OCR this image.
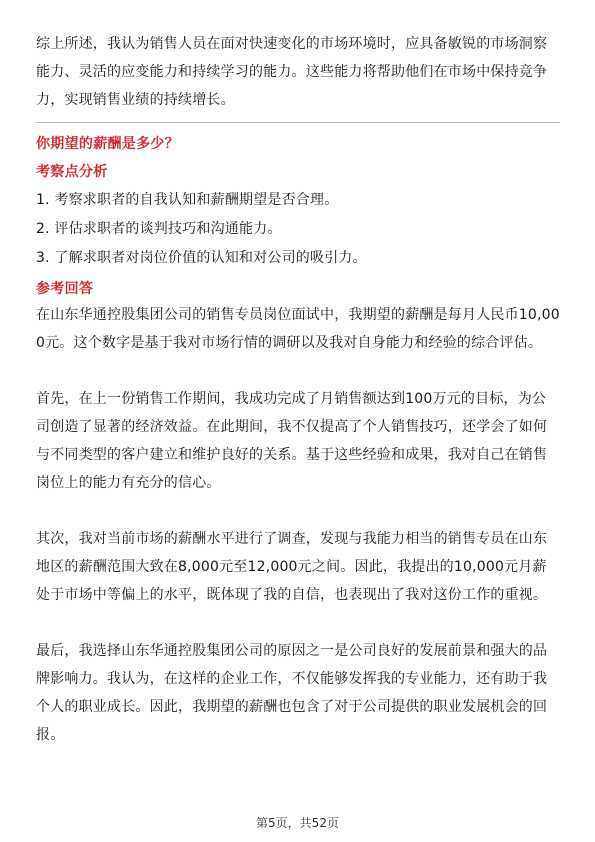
综上所述，我认为销售人员在面对快速变化的市场环境时，应具备敏锐的市场洞察能力、灵活的应变能力和持续学习的能力。这些能力将帮助他们在市场中保持竞争力，实现销售业绩的持续增长。

你期望的薪酬是多少？
考察点分析
1. 考察求职者的自我认知和薪酬期望是否合理。
2. 评估求职者的谈判技巧和沟通能力。
3. 了解求职者对岗位价值的认知和对公司的吸引力。
参考回答

在山东华通控股集团公司的销售专员岗位面试中，我期望的薪酬是每月人民币10,000元。这个数字是基于我对市场行情的调研以及我对自身能力和经验的综合评估。

首先，在上一份销售工作期间，我成功完成了月销售额达到100万元的目标，为公司创造了显著的经济效益。在此期间，我不仅提高了个人销售技巧，还学会了如何与不同类型的客户建立和维护良好的关系。基于这些经验和成果，我对自己在销售岗位上的能力有充分的信心。

其次，我对当前市场的薪酬水平进行了调查，发现与我能力相当的销售专员在山东地区的薪酬范围大致在8,000元至12,000元之间。因此，我提出的10,000元月薪处于市场中等偏上的水平，既体现了我的自信，也表现出了我对这份工作的重视。

最后，我选择山东华通控股集团公司的原因之一是公司良好的发展前景和强大的品牌影响力。我认为，在这样的企业工作，不仅能够发挥我的专业能力，还有助于我个人的职业成长。因此，我期望的薪酬也包含了对于公司提供的职业发展机会的回报。

第5页，共52页
